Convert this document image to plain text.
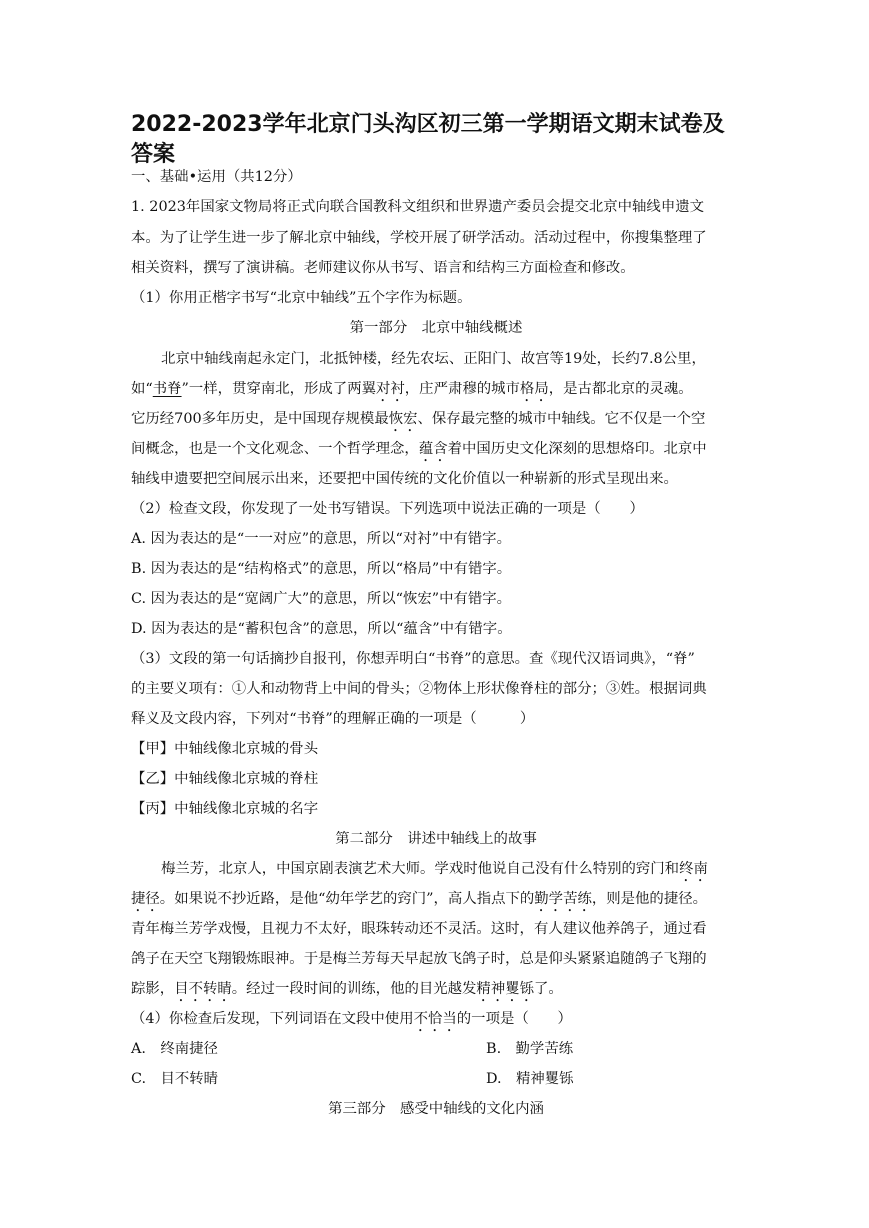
2022-2023学年北京门头沟区初三第一学期语文期末试卷及答案
一、基础•运用（共12分）
1. 2023年国家文物局将正式向联合国教科文组织和世界遗产委员会提交北京中轴线申遗文
本。为了让学生进一步了解北京中轴线，学校开展了研学活动。活动过程中，你搜集整理了
相关资料，撰写了演讲稿。老师建议你从书写、语言和结构三方面检查和修改。
（1）你用正楷字书写“北京中轴线”五个字作为标题。
第一部分　北京中轴线概述
北京中轴线南起永定门，北抵钟楼，经先农坛、正阳门、故宫等19处，长约7.8公里，
如“书脊”一样，贯穿南北，形成了两翼对衬，庄严肃穆的城市格局，是古都北京的灵魂。
它历经700多年历史，是中国现存规模最恢宏、保存最完整的城市中轴线。它不仅是一个空
间概念，也是一个文化观念、一个哲学理念，蕴含着中国历史文化深刻的思想烙印。北京中
轴线申遗要把空间展示出来，还要把中国传统的文化价值以一种崭新的形式呈现出来。
（2）检查文段，你发现了一处书写错误。下列选项中说法正确的一项是（　　）
A. 因为表达的是“一一对应”的意思，所以“对衬”中有错字。
B. 因为表达的是“结构格式”的意思，所以“格局”中有错字。
C. 因为表达的是“宽阔广大”的意思，所以“恢宏”中有错字。
D. 因为表达的是“蓄积包含”的意思，所以“蕴含”中有错字。
（3）文段的第一句话摘抄自报刊，你想弄明白“书脊”的意思。查《现代汉语词典》，“脊”
的主要义项有：①人和动物背上中间的骨头；②物体上形状像脊柱的部分；③姓。根据词典
释义及文段内容，下列对“书脊”的理解正确的一项是（　　　）
【甲】中轴线像北京城的骨头
【乙】中轴线像北京城的脊柱
【丙】中轴线像北京城的名字
第二部分　讲述中轴线上的故事
梅兰芳，北京人，中国京剧表演艺术大师。学戏时他说自己没有什么特别的窍门和终南
捷径。如果说不抄近路，是他“幼年学艺的窍门”，高人指点下的勤学苦练，则是他的捷径。
青年梅兰芳学戏慢，且视力不太好，眼珠转动还不灵活。这时，有人建议他养鸽子，通过看
鸽子在天空飞翔锻炼眼神。于是梅兰芳每天早起放飞鸽子时，总是仰头紧紧追随鸽子飞翔的
踪影，目不转睛。经过一段时间的训练，他的目光越发精神矍铄了。
（4）你检查后发现，下列词语在文段中使用不恰当的一项是（　　）
A.　终南捷径	B.　勤学苦练
C.　目不转睛	D.　精神矍铄
第三部分　感受中轴线的文化内涵
